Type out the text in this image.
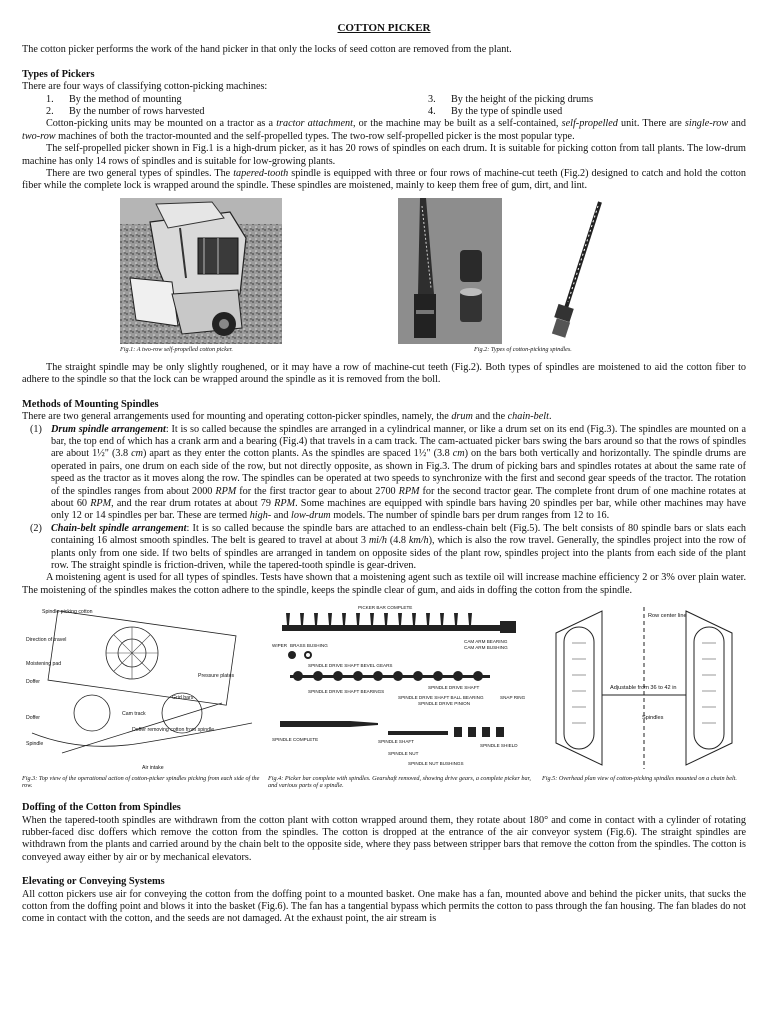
COTTON PICKER

The cotton picker performs the work of the hand picker in that only the locks of seed cotton are removed from the plant.

Types of Pickers

There are four ways of classifying cotton-picking machines:

1.	By the method of mounting	3.	By the height of the picking drums
2.	By the number of rows harvested	4.	By the type of spindle used

Cotton-picking units may be mounted on a tractor as a tractor attachment, or the machine may be built as a self-contained, self-propelled unit. There are single-row and two-row machines of both the tractor-mounted and the self-propelled types. The two-row self-propelled picker is the most popular type.

The self-propelled picker shown in Fig.1 is a high-drum picker, as it has 20 rows of spindles on each drum. It is suitable for picking cotton from tall plants. The low-drum machine has only 14 rows of spindles and is suitable for low-growing plants.

There are two general types of spindles. The tapered-tooth spindle is equipped with three or four rows of machine-cut teeth (Fig.2) designed to catch and hold the cotton fiber while the complete lock is wrapped around the spindle. These spindles are moistened, mainly to keep them free of gum, dirt, and lint.

Fig.1: A two-row self-propelled cotton picker.	Fig.2: Types of cotton-picking spindles.

The straight spindle may be only slightly roughened, or it may have a row of machine-cut teeth (Fig.2). Both types of spindles are moistened to aid the cotton fiber to adhere to the spindle so that the lock can be wrapped around the spindle as it is removed from the boll.

Methods of Mounting Spindles

There are two general arrangements used for mounting and operating cotton-picker spindles, namely, the drum and the chain-belt.

(1) Drum spindle arrangement: It is so called because the spindles are arranged in a cylindrical manner, or like a drum set on its end (Fig.3). The spindles are mounted on a bar, the top end of which has a crank arm and a bearing (Fig.4) that travels in a cam track. The cam-actuated picker bars swing the bars around so that the rows of spindles are about 1½" (3.8 cm) apart as they enter the cotton plants. As the spindles are spaced 1½" (3.8 cm) on the bars both vertically and horizontally. The spindle drums are operated in pairs, one drum on each side of the row, but not directly opposite, as shown in Fig.3. The drum of picking bars and spindles rotates at about the same rate of speed as the tractor as it moves along the row. The spindles can be operated at two speeds to synchronize with the first and second gear speeds of the tractor. The rotation of the spindles ranges from about 2000 RPM for the first tractor gear to about 2700 RPM for the second tractor gear. The complete front drum of one machine rotates at about 60 RPM, and the rear drum rotates at about 79 RPM. Some machines are equipped with spindle bars having 20 spindles per bar, while other machines may have only 12 or 14 spindles per bar. These are termed high- and low-drum models. The number of spindle bars per drum ranges from 12 to 16.

(2) Chain-belt spindle arrangement: It is so called because the spindle bars are attached to an endless-chain belt (Fig.5). The belt consists of 80 spindle bars or slats each containing 16 almost smooth spindles. The belt is geared to travel at about 3 mi/h (4.8 km/h), which is also the row travel. Generally, the spindles project into the row of plants only from one side. If two belts of spindles are arranged in tandem on opposite sides of the plant row, spindles project into the plants from each side of the plant row. The straight spindle is friction-driven, while the tapered-tooth spindle is gear-driven.

A moistening agent is used for all types of spindles. Tests have shown that a moistening agent such as textile oil will increase machine efficiency 2 or 3% over plain water. The moistening of the spindles makes the cotton adhere to the spindle, keeps the spindle clear of gum, and aids in doffing the cotton from the spindle.

Spindle picking cotton
Direction of travel
Moistening pad
Doffer
Pressure plates
Grid bars
Cam track
Doffer removing cotton from spindle
Air intake
Doffer
Spindle
Fig.3: Top view of the operational action of cotton-picker spindles picking from each side of the row.
PICKER BAR COMPLETE
WIPER BRASS BUSHING
CAM ARM BEARING
CAM ARM BUSHING
SPINDLE DRIVE SHAFT BEVEL GEARS
SPINDLE DRIVE SHAFT BEARINGS
SPINDLE DRIVE SHAFT
SPINDLE DRIVE SHAFT BALL BEARING
SPINDLE DRIVE PINION
SNAP RING
SPINDLE COMPLETE	SPINDLE SHAFT
SPINDLE SHIELD
SPINDLE NUT
SPINDLE NUT BUSHINGS
Fig.4: Picker bar complete with spindles. Gearshaft removed, showing drive gears, a complete picker bar, and various parts of a spindle.
Row center line
Adjustable from 36 to 42 in
Spindles
Fig.5: Overhead plan view of cotton-picking spindles mounted on a chain belt.
Doffing of the Cotton from Spindles

When the tapered-tooth spindles are withdrawn from the cotton plant with cotton wrapped around them, they rotate about 180° and come in contact with a cylinder of rotating rubber-faced disc doffers which remove the cotton from the spindles. The cotton is dropped at the entrance of the air conveyor system (Fig.6). The straight spindles are withdrawn from the plants and carried around by the chain belt to the opposite side, where they pass between stripper bars that remove the cotton from the spindles. The cotton is conveyed away either by air or by mechanical elevators.

Elevating or Conveying Systems

All cotton pickers use air for conveying the cotton from the doffing point to a mounted basket. One make has a fan, mounted above and behind the picker units, that sucks the cotton from the doffing point and blows it into the basket (Fig.6). The fan has a tangential bypass which permits the cotton to pass through the fan housing. The fan blades do not come in contact with the cotton, and the seeds are not damaged. At the exhaust point, the air stream is
